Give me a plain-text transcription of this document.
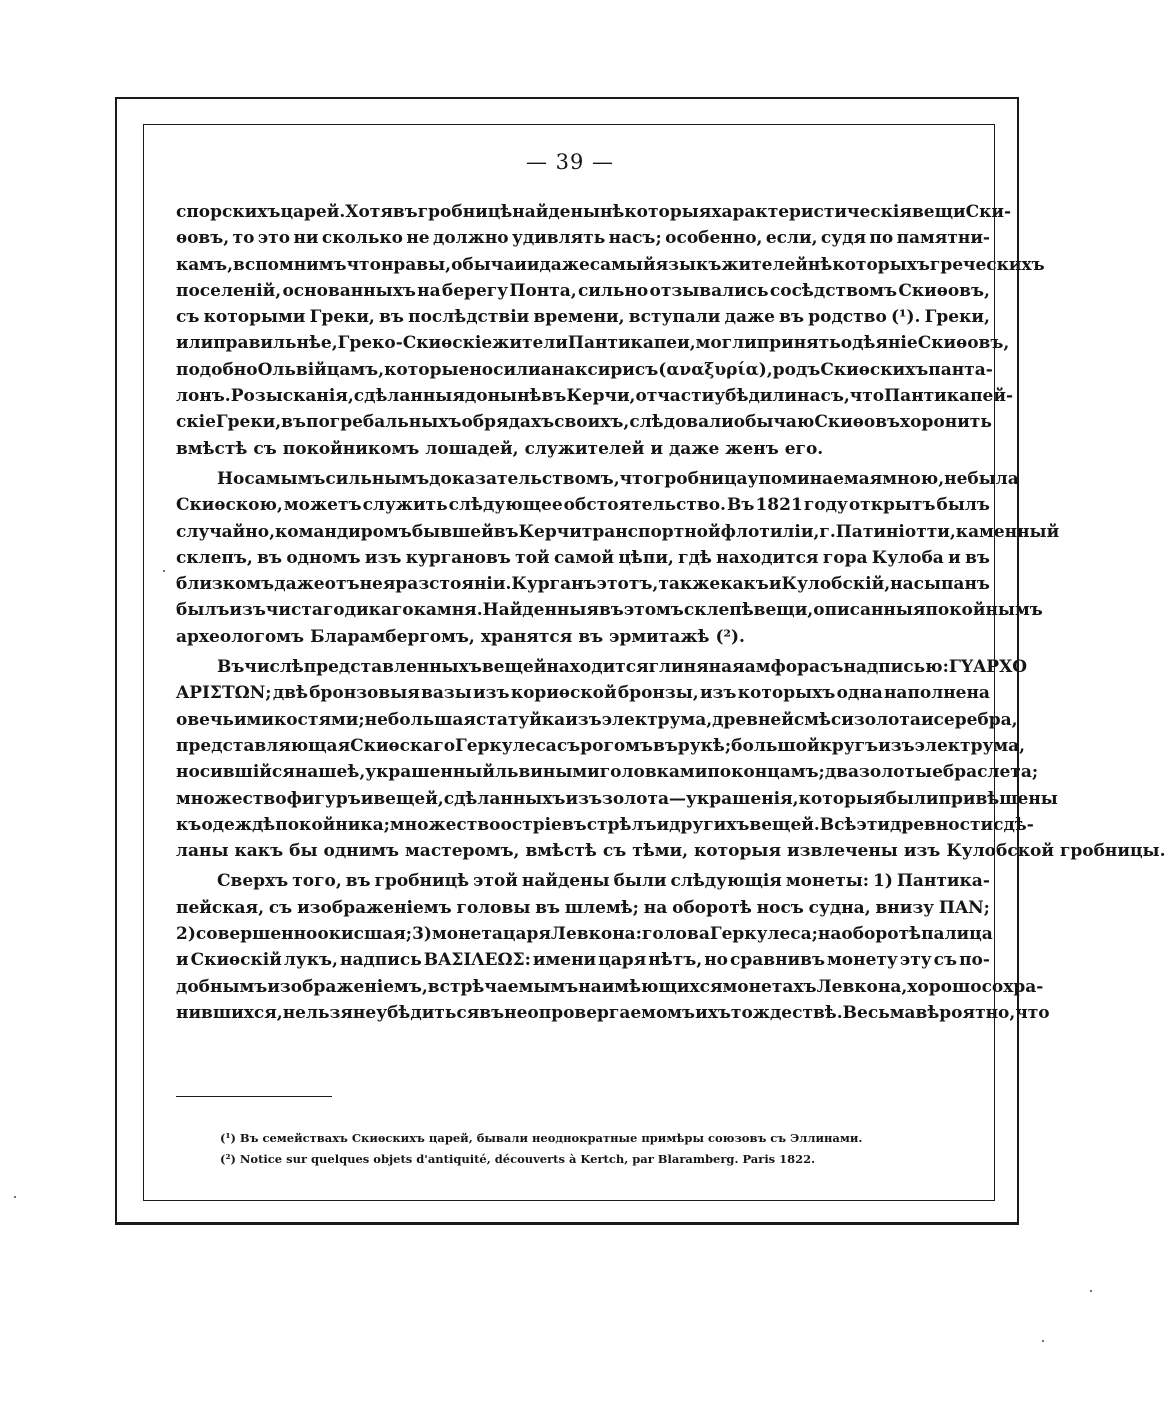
— 39 —
спорскихъ царей. Хотя въ гробницѣ найдены нѣкоторыя характеристическія вещи Ски-
ѳовъ, то это ни сколько не должно удивлять насъ; особенно, если, судя по памятни-
камъ, вспомнимъ что нравы, обычаи и даже самый языкъ жителей нѣкоторыхъ греческихъ
поселеній, основанныхъ на берегу Понта, сильно отзывались сосѣдствомъ Скиѳовъ,
съ которыми Греки, въ послѣдствіи времени, вступали даже въ родство (¹). Греки,
или правильнѣе, Греко-Скиѳскіе жители Пантикапеи, могли принять одѣяніе Скиѳовъ,
подобно Ольвійцамъ, которые носили анаксирисъ (αναξυρία), родъ Скиѳскихъ панта-
лонъ. Розысканія, сдѣланныя до нынѣ въ Керчи, отчасти убѣдили насъ, что Пантикапей-
скіе Греки, въ погребальныхъ обрядахъ своихъ, слѣдовали обычаю Скиѳовъ хоронить
вмѣстѣ съ покойникомъ лошадей, служителей и даже женъ его.
Но самымъ сильнымъ доказательствомъ, что гробница упоминаемая мною, не была
Скиѳскою, можетъ служить слѣдующее обстоятельство. Въ 1821 году открытъ былъ
случайно, командиромъ бывшей въ Керчи транспортной флотиліи, г. Патиніотти, каменный
склепъ, въ одномъ изъ кургановъ той самой цѣпи, гдѣ находится гора Кулоба и въ
близкомъ даже отъ нея разстояніи. Курганъ этотъ, также какъ и Кулобскій, насыпанъ
былъ изъ чистаго дикаго камня. Найденныя въ этомъ склепѣ вещи, описанныя покойнымъ
археологомъ Бларамбергомъ, хранятся въ эрмитажѣ (²).
Въ числѣ представленныхъ вещей находится глиняная амфора съ надписью: ΓΥΑΡΧΟ
ΑΡΙΣΤΩΝ; двѣ бронзовыя вазы изъ кориѳской бронзы, изъ которыхъ одна наполнена
овечьими костями; не большая статуйка изъ электрума, древней смѣси золота и серебра,
представляющая Скиѳскаго Геркулеса съ рогомъ въ рукѣ; большой кругъ изъ электрума,
носившійся на шеѣ, украшенный львиными головками по концамъ; два золотые браслета;
множество фигуръ и вещей, сдѣланныхъ изъ золота — украшенія, которыя были привѣшены
къ одеждѣ покойника; множество остріевъ стрѣлъ и другихъ вещей. Всѣ эти древности сдѣ-
ланы какъ бы однимъ мастеромъ, вмѣстѣ съ тѣми, которыя извлечены изъ Кулобской гробницы.
Сверхъ того, въ гробницѣ этой найдены были слѣдующія монеты: 1) Пантика-
пейская, съ изображеніемъ головы въ шлемѣ; на оборотѣ носъ судна, внизу ΠΑΝ;
2) совершенно окисшая; 3) монета царя Левкона: голова Геркулеса; на оборотѣ палица
и Скиѳскій лукъ, надпись ΒΑΣΙΛΕΩΣ: имени царя нѣтъ, но сравнивъ монету эту съ по-
добнымъ изображеніемъ, встрѣчаемымъ на имѣющихся монетахъ Левкона, хорошо сохра-
нившихся, нельзя не убѣдиться въ неопровергаемомъ ихъ тождествѣ. Весьма вѣроятно, что
(¹) Въ семействахъ Скиѳскихъ царей, бывали неоднократные примѣры союзовъ съ Эллинами.
(²) Notice sur quelques objets d'antiquité, découverts à Kertch, par Blaramberg. Paris 1822.
